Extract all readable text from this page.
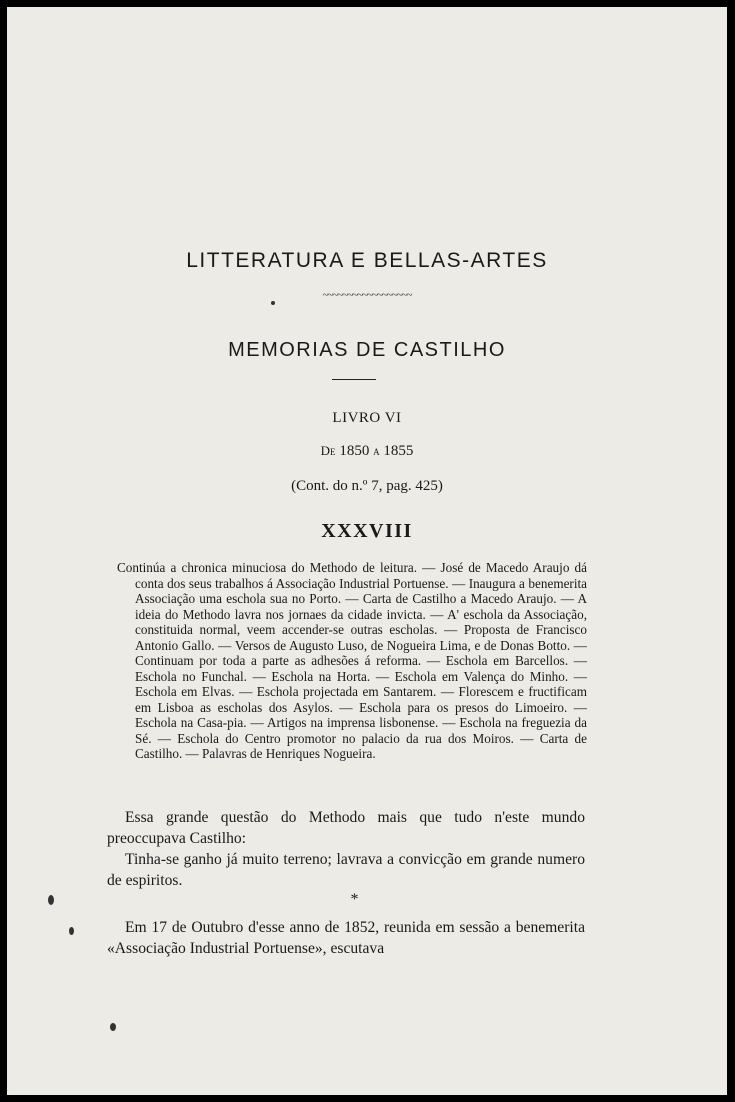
LITTERATURA E BELLAS-ARTES
~~~~~~~~~~~~~~~~~~
MEMORIAS DE CASTILHO
LIVRO VI
De 1850 a 1855
(Cont. do n.º 7, pag. 425)
XXXVIII

Continúa a chronica minuciosa do Methodo de leitura. — José de Macedo Araujo dá conta dos seus trabalhos á Associação Industrial Portuense. — Inaugura a benemerita Associação uma eschola sua no Porto. — Carta de Castilho a Macedo Araujo. — A ideia do Methodo lavra nos jornaes da cidade invicta. — A' eschola da Associação, constituida normal, veem accender-se outras escholas. — Proposta de Francisco Antonio Gallo. — Versos de Augusto Luso, de Nogueira Lima, e de Donas Botto. — Continuam por toda a parte as adhesões á reforma. — Eschola em Barcellos. — Eschola no Funchal. — Eschola na Horta. — Eschola em Valença do Minho. — Eschola em Elvas. — Eschola projectada em Santarem. — Florescem e fructificam em Lisboa as escholas dos Asylos. — Eschola para os presos do Limoeiro. — Eschola na Casa-pia. — Artigos na imprensa lisbonense. — Eschola na freguezia da Sé. — Eschola do Centro promotor no palacio da rua dos Moiros. — Carta de Castilho. — Palavras de Henriques Nogueira.

Essa grande questão do Methodo mais que tudo n'este mundo preoccupava Castilho:

Tinha-se ganho já muito terreno; lavrava a convicção em grande numero de espiritos.

*

Em 17 de Outubro d'esse anno de 1852, reunida em sessão a benemerita «Associação Industrial Portuense», escutava
